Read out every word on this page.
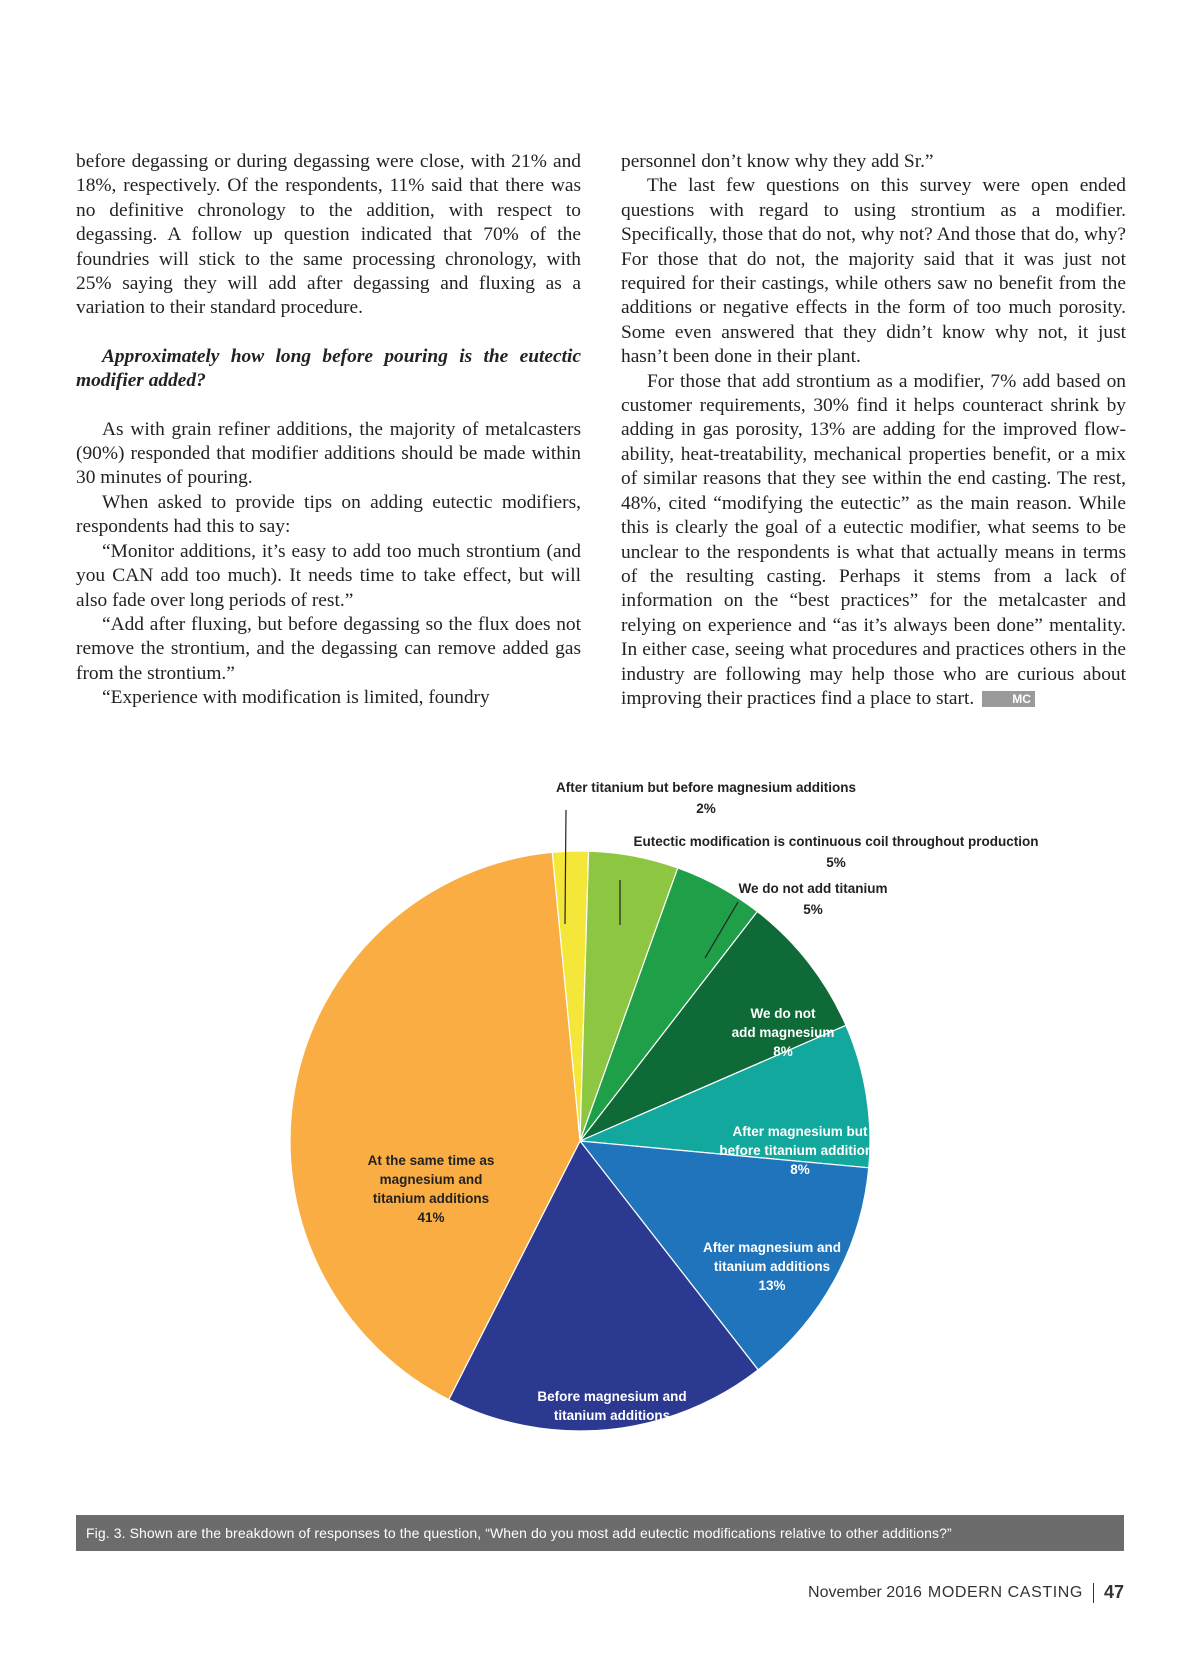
before degassing or during degassing were close, with 21% and 18%, respectively. Of the respondents, 11% said that there was no definitive chronology to the addition, with respect to degassing. A follow up question indicated that 70% of the foundries will stick to the same processing chronology, with 25% saying they will add after degassing and fluxing as a variation to their standard procedure.

Approximately how long before pouring is the eutectic modifier added?

As with grain refiner additions, the majority of metalcasters (90%) responded that modifier additions should be made within 30 minutes of pouring.

When asked to provide tips on adding eutectic modifiers, respondents had this to say:

“Monitor additions, it’s easy to add too much strontium (and you CAN add too much). It needs time to take effect, but will also fade over long periods of rest.”

“Add after fluxing, but before degassing so the flux does not remove the strontium, and the degassing can remove added gas from the strontium.”

“Experience with modification is limited, foundry

personnel don’t know why they add Sr.”

The last few questions on this survey were open ended questions with regard to using strontium as a modifier. Specifically, those that do not, why not? And those that do, why? For those that do not, the majority said that it was just not required for their castings, while others saw no benefit from the additions or negative effects in the form of too much porosity. Some even answered that they didn’t know why not, it just hasn’t been done in their plant.

For those that add strontium as a modifier, 7% add based on customer requirements, 30% find it helps counteract shrink by adding in gas porosity, 13% are adding for the improved flow-ability, heat-treatability, mechanical properties benefit, or a mix of similar reasons that they see within the end casting. The rest, 48%, cited “modifying the eutectic” as the main reason. While this is clearly the goal of a eutectic modifier, what seems to be unclear to the respondents is what that actually means in terms of the resulting casting. Perhaps it stems from a lack of information on the “best practices” for the metalcaster and relying on experience and “as it’s always been done” mentality. In either case, seeing what procedures and practices others in the industry are following may help those who are curious about improving their practices find a place to start.	MC

After titanium but before magnesium additions 2%
Eutectic modification is continuous coil throughout production 5%
We do not add titanium 5%
We do not add magnesium 8%
After magnesium but before titanium additions 8%
After magnesium and titanium additions 13%
Before magnesium and titanium additions 18%
At the same time as magnesium and titanium additions 41%
Fig. 3. Shown are the breakdown of responses to the question, “When do you most add eutectic modifications relative to other additions?”
November 2016 MODERN CASTING 47
